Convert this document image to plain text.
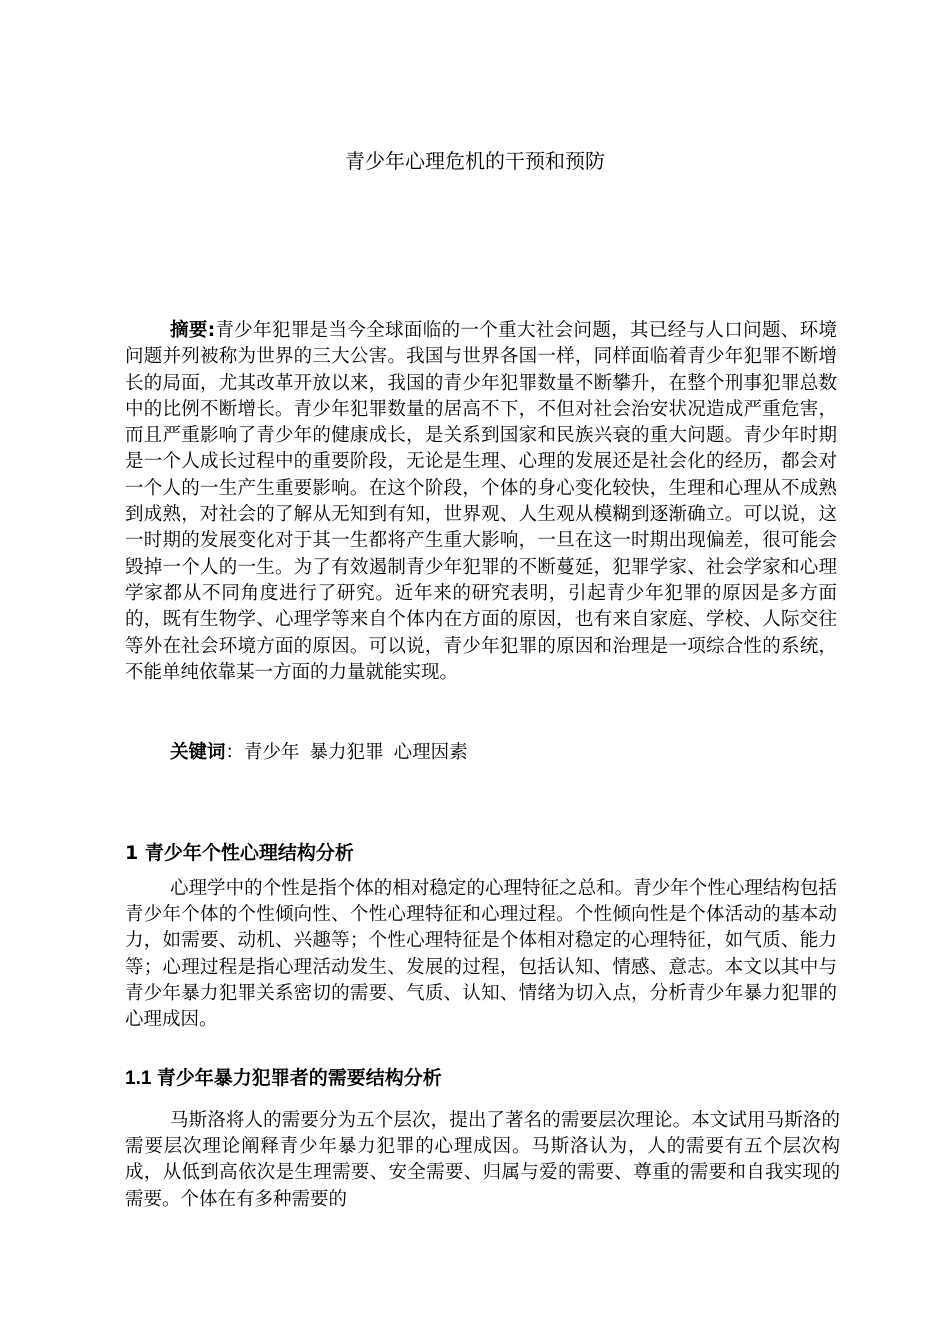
青少年心理危机的干预和预防

摘要:青少年犯罪是当今全球面临的一个重大社会问题，其已经与人口问题、环境问题并列被称为世界的三大公害。我国与世界各国一样，同样面临着青少年犯罪不断增长的局面，尤其改革开放以来，我国的青少年犯罪数量不断攀升，在整个刑事犯罪总数中的比例不断增长。青少年犯罪数量的居高不下，不但对社会治安状况造成严重危害，而且严重影响了青少年的健康成长，是关系到国家和民族兴衰的重大问题。青少年时期是一个人成长过程中的重要阶段，无论是生理、心理的发展还是社会化的经历，都会对一个人的一生产生重要影响。在这个阶段，个体的身心变化较快，生理和心理从不成熟到成熟，对社会的了解从无知到有知，世界观、人生观从模糊到逐渐确立。可以说，这一时期的发展变化对于其一生都将产生重大影响，一旦在这一时期出现偏差，很可能会毁掉一个人的一生。为了有效遏制青少年犯罪的不断蔓延，犯罪学家、社会学家和心理学家都从不同角度进行了研究。近年来的研究表明，引起青少年犯罪的原因是多方面的，既有生物学、心理学等来自个体内在方面的原因，也有来自家庭、学校、人际交往等外在社会环境方面的原因。可以说，青少年犯罪的原因和治理是一项综合性的系统，不能单纯依靠某一方面的力量就能实现。

关键词：青少年 暴力犯罪 心理因素

1 青少年个性心理结构分析

心理学中的个性是指个体的相对稳定的心理特征之总和。青少年个性心理结构包括青少年个体的个性倾向性、个性心理特征和心理过程。个性倾向性是个体活动的基本动力，如需要、动机、兴趣等；个性心理特征是个体相对稳定的心理特征，如气质、能力等；心理过程是指心理活动发生、发展的过程，包括认知、情感、意志。本文以其中与青少年暴力犯罪关系密切的需要、气质、认知、情绪为切入点，分析青少年暴力犯罪的心理成因。

1.1 青少年暴力犯罪者的需要结构分析

马斯洛将人的需要分为五个层次，提出了著名的需要层次理论。本文试用马斯洛的需要层次理论阐释青少年暴力犯罪的心理成因。马斯洛认为，人的需要有五个层次构成，从低到高依次是生理需要、安全需要、归属与爱的需要、尊重的需要和自我实现的需要。个体在有多种需要的
